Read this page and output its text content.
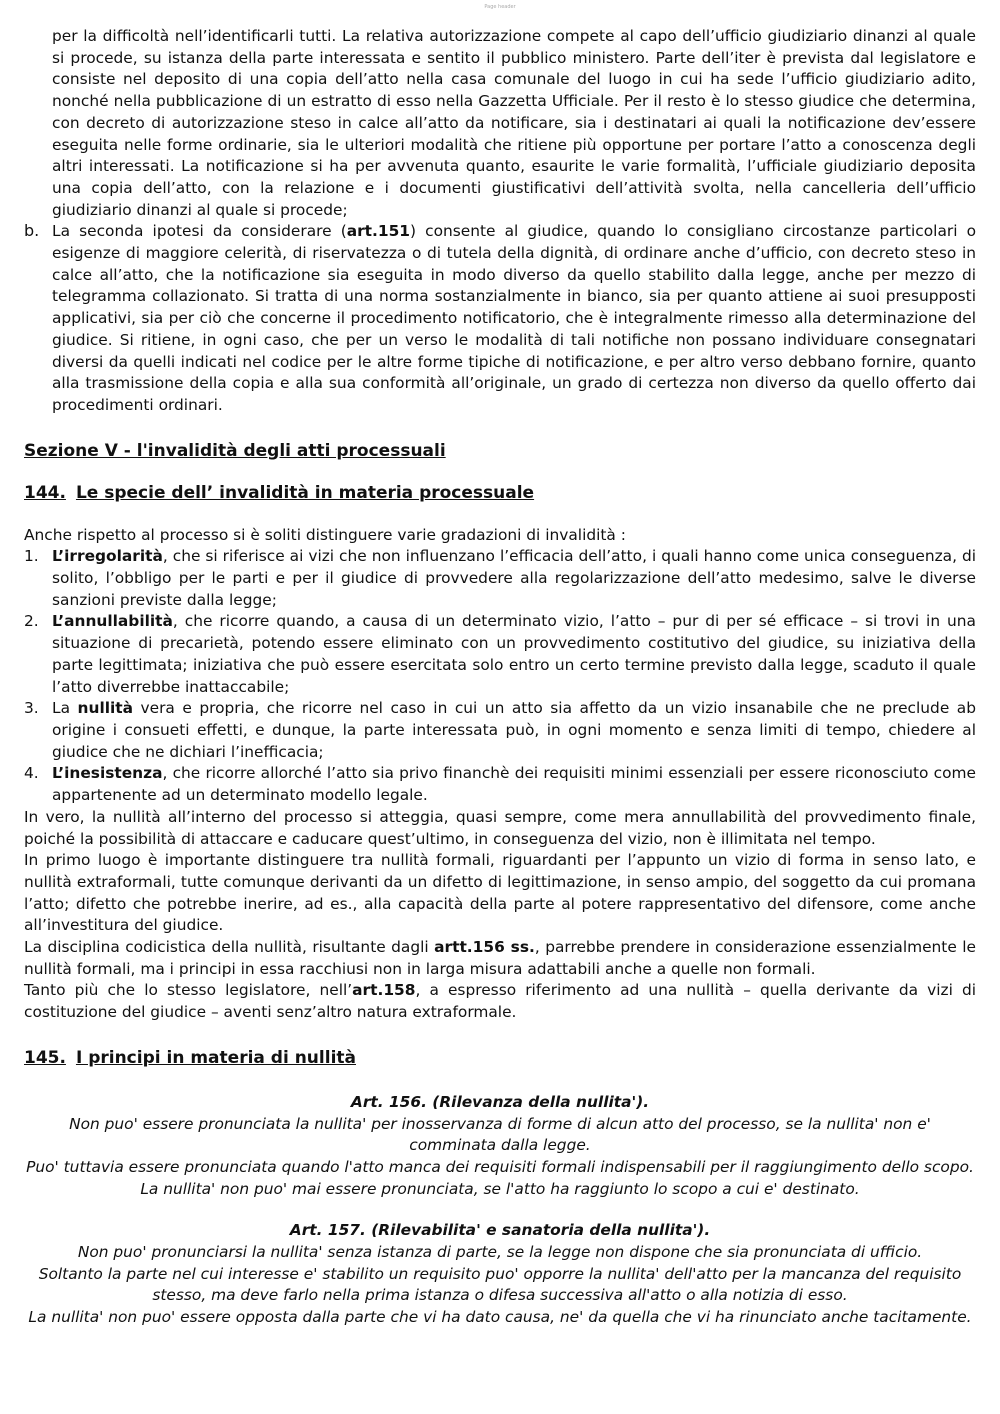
Page header

per la difficoltà nell’identificarli tutti. La relativa autorizzazione compete al capo dell’ufficio giudiziario dinanzi al quale si procede, su istanza della parte interessata e sentito il pubblico ministero. Parte dell’iter è prevista dal legislatore e consiste nel deposito di una copia dell’atto nella casa comunale del luogo in cui ha sede l’ufficio giudiziario adito, nonché nella pubblicazione di un estratto di esso nella Gazzetta Ufficiale. Per il resto è lo stesso giudice che determina, con decreto di autorizzazione steso in calce all’atto da notificare, sia i destinatari ai quali la notificazione dev’essere eseguita nelle forme ordinarie, sia le ulteriori modalità che ritiene più opportune per portare l’atto a conoscenza degli altri interessati. La notificazione si ha per avvenuta quanto, esaurite le varie formalità, l’ufficiale giudiziario deposita una copia dell’atto, con la relazione e i documenti giustificativi dell’attività svolta, nella cancelleria dell’ufficio giudiziario dinanzi al quale si procede;

b. La seconda ipotesi da considerare (art.151) consente al giudice, quando lo consigliano circostanze particolari o esigenze di maggiore celerità, di riservatezza o di tutela della dignità, di ordinare anche d’ufficio, con decreto steso in calce all’atto, che la notificazione sia eseguita in modo diverso da quello stabilito dalla legge, anche per mezzo di telegramma collazionato. Si tratta di una norma sostanzialmente in bianco, sia per quanto attiene ai suoi presupposti applicativi, sia per ciò che concerne il procedimento notificatorio, che è integralmente rimesso alla determinazione del giudice. Si ritiene, in ogni caso, che per un verso le modalità di tali notifiche non possano individuare consegnatari diversi da quelli indicati nel codice per le altre forme tipiche di notificazione, e per altro verso debbano fornire, quanto alla trasmissione della copia e alla sua conformità all’originale, un grado di certezza non diverso da quello offerto dai procedimenti ordinari.

Sezione V - l'invalidità degli atti processuali
144. Le specie dell’ invalidità in materia processuale

Anche rispetto al processo si è soliti distinguere varie gradazioni di invalidità :

1. L’irregolarità, che si riferisce ai vizi che non influenzano l’efficacia dell’atto, i quali hanno come unica conseguenza, di solito, l’obbligo per le parti e per il giudice di provvedere alla regolarizzazione dell’atto medesimo, salve le diverse sanzioni previste dalla legge;
2. L’annullabilità, che ricorre quando, a causa di un determinato vizio, l’atto – pur di per sé efficace – si trovi in una situazione di precarietà, potendo essere eliminato con un provvedimento costitutivo del giudice, su iniziativa della parte legittimata; iniziativa che può essere esercitata solo entro un certo termine previsto dalla legge, scaduto il quale l’atto diverrebbe inattaccabile;
3. La nullità vera e propria, che ricorre nel caso in cui un atto sia affetto da un vizio insanabile che ne preclude ab origine i consueti effetti, e dunque, la parte interessata può, in ogni momento e senza limiti di tempo, chiedere al giudice che ne dichiari l’inefficacia;
4. L’inesistenza, che ricorre allorché l’atto sia privo financhè dei requisiti minimi essenziali per essere riconosciuto come appartenente ad un determinato modello legale.

In vero, la nullità all’interno del processo si atteggia, quasi sempre, come mera annullabilità del provvedimento finale, poiché la possibilità di attaccare e caducare quest’ultimo, in conseguenza del vizio, non è illimitata nel tempo.

In primo luogo è importante distinguere tra nullità formali, riguardanti per l’appunto un vizio di forma in senso lato, e nullità extraformali, tutte comunque derivanti da un difetto di legittimazione, in senso ampio, del soggetto da cui promana l’atto; difetto che potrebbe inerire, ad es., alla capacità della parte al potere rappresentativo del difensore, come anche all’investitura del giudice.

La disciplina codicistica della nullità, risultante dagli artt.156 ss., parrebbe prendere in considerazione essenzialmente le nullità formali, ma i principi in essa racchiusi non in larga misura adattabili anche a quelle non formali.

Tanto più che lo stesso legislatore, nell’art.158, a espresso riferimento ad una nullità – quella derivante da vizi di costituzione del giudice – aventi senz’altro natura extraformale.

145. I principi in materia di nullità

Art. 156. (Rilevanza della nullita').

Non puo' essere pronunciata la nullita' per inosservanza di forme di alcun atto del processo, se la nullita' non e' comminata dalla legge.

Puo' tuttavia essere pronunciata quando l'atto manca dei requisiti formali indispensabili per il raggiungimento dello scopo.

La nullita' non puo' mai essere pronunciata, se l'atto ha raggiunto lo scopo a cui e' destinato.

Art. 157. (Rilevabilita' e sanatoria della nullita').

Non puo' pronunciarsi la nullita' senza istanza di parte, se la legge non dispone che sia pronunciata di ufficio.

Soltanto la parte nel cui interesse e' stabilito un requisito puo' opporre la nullita' dell'atto per la mancanza del requisito stesso, ma deve farlo nella prima istanza o difesa successiva all'atto o alla notizia di esso.

La nullita' non puo' essere opposta dalla parte che vi ha dato causa, ne' da quella che vi ha rinunciato anche tacitamente.
